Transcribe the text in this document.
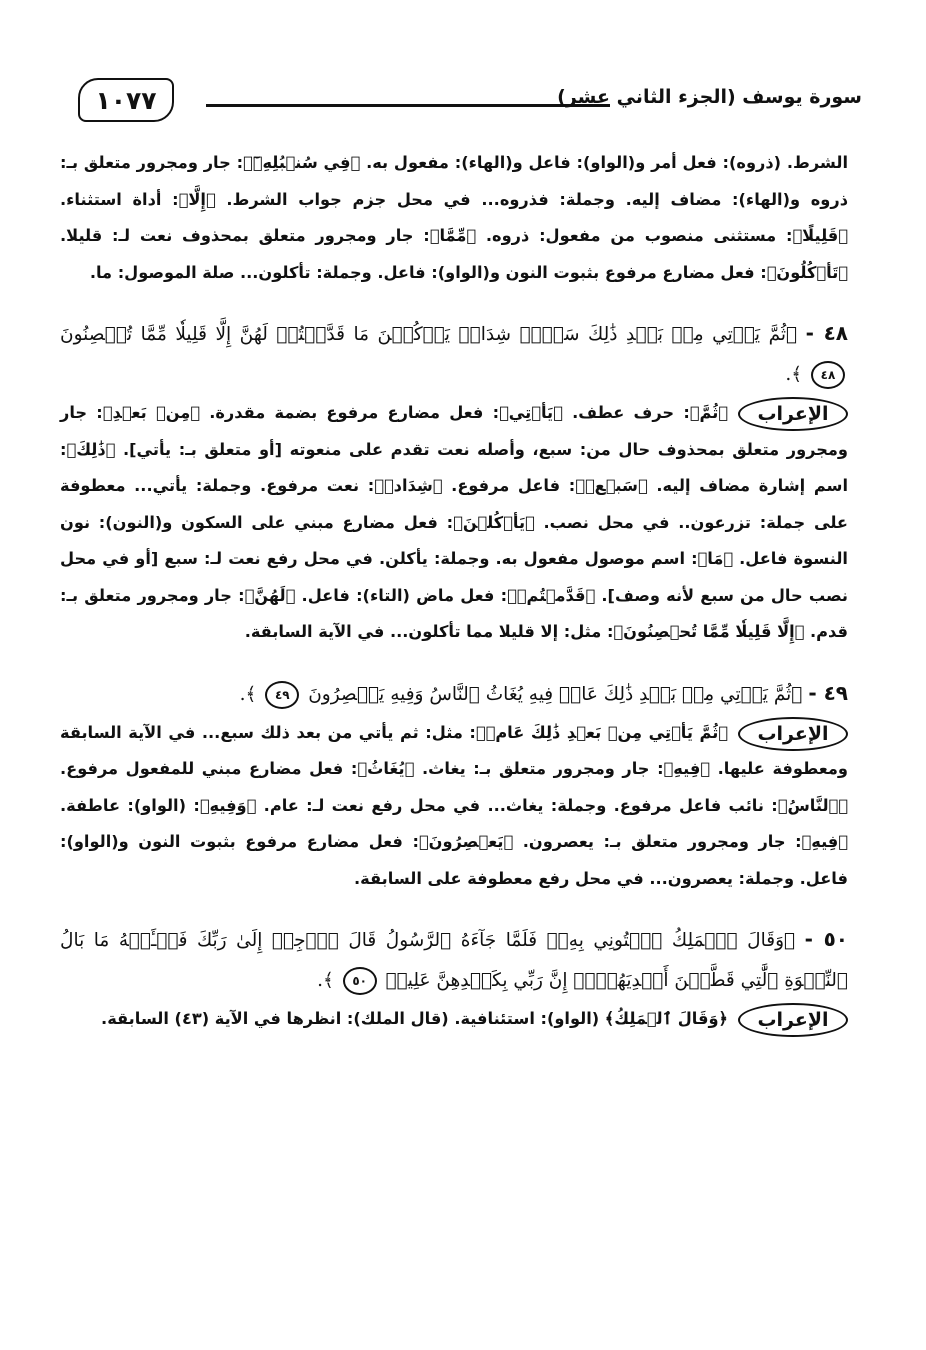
١٠٧٧	سورة يوسف (الجزء الثاني عشر)

الشرط. (ذروه): فعل أمر و(الواو): فاعل و(الهاء): مفعول به. ﴿فِي سُنۢبُلِهِۦٓ﴾: جار ومجرور متعلق بـ: ذروه و(الهاء): مضاف إليه. وجملة: فذروه... في محل جزم جواب الشرط. ﴿إِلَّا﴾: أداة استثناء. ﴿قَلِيلًا﴾: مستثنى منصوب من مفعول: ذروه. ﴿مِّمَّا﴾: جار ومجرور متعلق بمحذوف نعت لـ: قليلا. ﴿تَأۡكُلُونَ﴾: فعل مضارع مرفوع بثبوت النون و(الواو): فاعل. وجملة: تأكلون... صلة الموصول: ما.

٤٨ - ﴿ثُمَّ يَأۡتِي مِنۢ بَعۡدِ ذَٰلِكَ سَبۡعٞ شِدَادٞ يَأۡكُلۡنَ مَا قَدَّمۡتُمۡ لَهُنَّ إِلَّا قَلِيلٗا مِّمَّا تُحۡصِنُونَ ٤٨ ﴾.

الإعراب
﴿ثُمَّ﴾: حرف عطف. ﴿يَأۡتِي﴾: فعل مضارع مرفوع بضمة مقدرة. ﴿مِنۢ بَعۡدِ﴾: جار ومجرور متعلق بمحذوف حال من: سبع، وأصله نعت تقدم على منعوته [أو متعلق بـ: يأتي]. ﴿ذَٰلِكَ﴾: اسم إشارة مضاف إليه. ﴿سَبۡعٞ﴾: فاعل مرفوع. ﴿شِدَادٞ﴾: نعت مرفوع. وجملة: يأتي... معطوفة على جملة: تزرعون.. في محل نصب. ﴿يَأۡكُلۡنَ﴾: فعل مضارع مبني على السكون و(النون): نون النسوة فاعل. ﴿مَا﴾: اسم موصول مفعول به. وجملة: يأكلن. في محل رفع نعت لـ: سبع [أو في محل نصب حال من سبع لأنه وصف]. ﴿قَدَّمۡتُمۡ﴾: فعل ماض (التاء): فاعل. ﴿لَهُنَّ﴾: جار ومجرور متعلق بـ: قدم. ﴿إِلَّا قَلِيلٗا مِّمَّا تُحۡصِنُونَ﴾: مثل: إلا قليلا مما تأكلون... في الآية السابقة.

٤٩ - ﴿ثُمَّ يَأۡتِي مِنۢ بَعۡدِ ذَٰلِكَ عَامٞ فِيهِ يُغَاثُ ٱلنَّاسُ وَفِيهِ يَعۡصِرُونَ ٤٩ ﴾.

الإعراب
﴿ثُمَّ يَأۡتِي مِنۢ بَعۡدِ ذَٰلِكَ عَامٞ﴾: مثل: ثم يأتي من بعد ذلك سبع... في الآية السابقة ومعطوفة عليها. ﴿فِيهِ﴾: جار ومجرور متعلق بـ: يغاث. ﴿يُغَاثُ﴾: فعل مضارع مبني للمفعول مرفوع. ﴿ٱلنَّاسُ﴾: نائب فاعل مرفوع. وجملة: يغاث... في محل رفع نعت لـ: عام. ﴿وَفِيهِ﴾: (الواو): عاطفة. ﴿فِيهِ﴾: جار ومجرور متعلق بـ: يعصرون. ﴿يَعۡصِرُونَ﴾: فعل مضارع مرفوع بثبوت النون و(الواو): فاعل. وجملة: يعصرون... في محل رفع معطوفة على السابقة.

٥٠ - ﴿وَقَالَ ٱلۡمَلِكُ ٱئۡتُونِي بِهِۦۖ فَلَمَّا جَآءَهُ ٱلرَّسُولُ قَالَ ٱرۡجِعۡ إِلَىٰ رَبِّكَ فَسۡـَٔلۡهُ مَا بَالُ ٱلنِّسۡوَةِ ٱلَّٰتِي قَطَّعۡنَ أَيۡدِيَهُنَّۚ إِنَّ رَبِّي بِكَيۡدِهِنَّ عَلِيمٞ ٥٠ ﴾.

الإعراب
﴿وَقَالَ ٱلۡمَلِكُ﴾ (الواو): استئنافية. (قال الملك): انظرها في الآية (٤٣) السابقة.
